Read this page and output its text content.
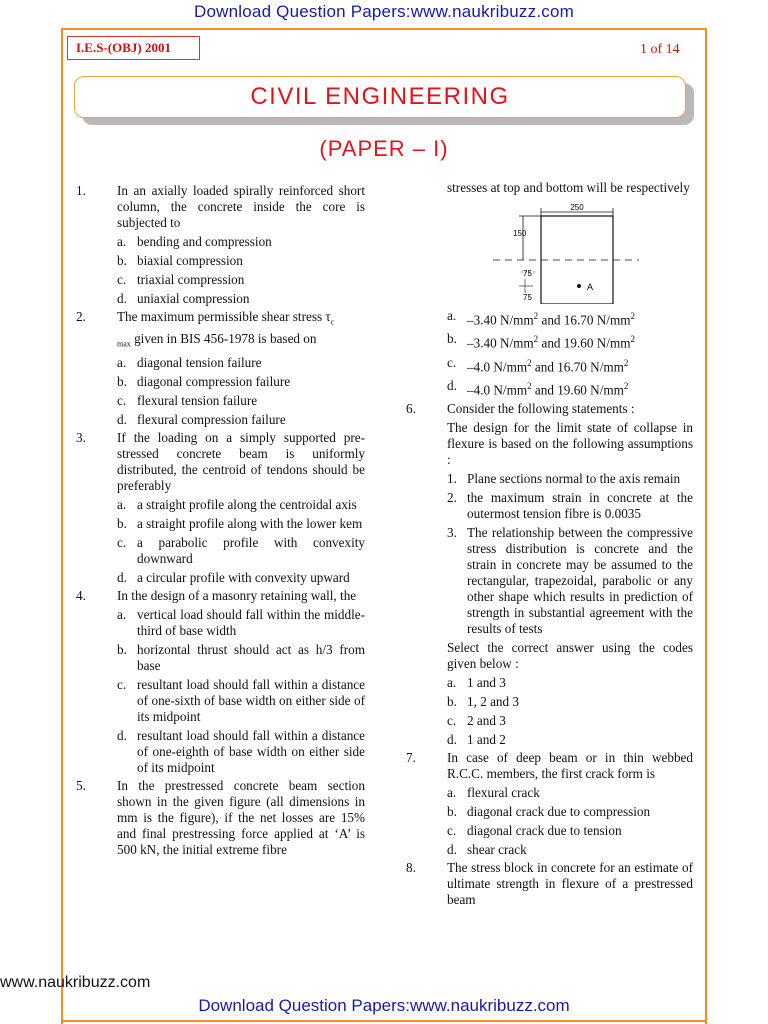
Download Question Papers:www.naukribuzz.com
I.E.S-(OBJ) 2001	1 of 14
CIVIL ENGINEERING
(PAPER – I)
1. In an axially loaded spirally reinforced short column, the concrete inside the core is subjected to
a. bending and compression
b. biaxial compression
c. triaxial compression
d. uniaxial compression
2. The maximum permissible shear stress $\tau_c$
$_{max}$ given in BIS 456-1978 is based on
a. diagonal tension failure
b. diagonal compression failure
c. flexural tension failure
d. flexural compression failure
3. If the loading on a simply supported pre-stressed concrete beam is uniformly distributed, the centroid of tendons should be preferably
a. a straight profile along the centroidal axis
b. a straight profile along with the lower kem
c. a parabolic profile with convexity downward
d. a circular profile with convexity upward
4. In the design of a masonry retaining wall, the
a. vertical load should fall within the middle-third of base width
b. horizontal thrust should act as h/3 from base
c. resultant load should fall within a distance of one-sixth of base width on either side of its midpoint
d. resultant load should fall within a distance of one-eighth of base width on either side of its midpoint
5. In the prestressed concrete beam section shown in the given figure (all dimensions in mm is the figure), if the net losses are 15% and final prestressing force applied at ‘A’ is 500 kN, the initial extreme fibre
stresses at top and bottom will be respectively
250
150
75
75
A
a. –3.40 $N/mm^2$ and 16.70 $N/mm^2$
b. –3.40 $N/mm^2$ and 19.60 $N/mm^2$
c. –4.0 $N/mm^2$ and 16.70 $N/mm^2$
d. –4.0 $N/mm^2$ and 19.60 $N/mm^2$
6. Consider the following statements :
The design for the limit state of collapse in flexure is based on the following assumptions :
1. Plane sections normal to the axis remain
2. the maximum strain in concrete at the outermost tension fibre is 0.0035
3. The relationship between the compressive stress distribution is concrete and the strain in concrete may be assumed to the rectangular, trapezoidal, parabolic or any other shape which results in prediction of strength in substantial agreement with the results of tests
Select the correct answer using the codes given below :
a. 1 and 3
b. 1, 2 and 3
c. 2 and 3
d. 1 and 2
7. In case of deep beam or in thin webbed R.C.C. members, the first crack form is
a. flexural crack
b. diagonal crack due to compression
c. diagonal crack due to tension
d. shear crack
8. The stress block in concrete for an estimate of ultimate strength in flexure of a prestressed beam
www.naukribuzz.com
Download Question Papers:www.naukribuzz.com
